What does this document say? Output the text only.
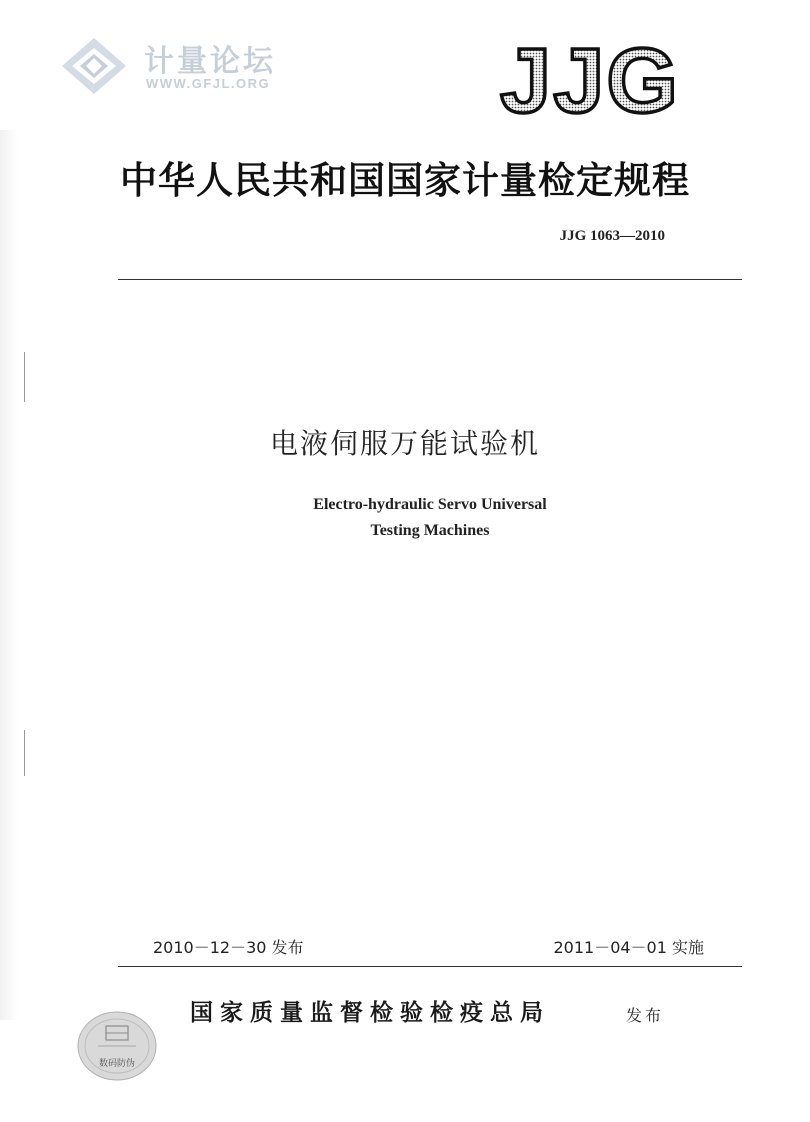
计量论坛
WWW.GFJL.ORG JJG
中华人民共和国国家计量检定规程
JJG 1063—2010
电液伺服万能试验机
Electro-hydraulic Servo Universal
Testing Machines
2010－12－30 发布	2011－04－01 实施
国家质量监督检验检疫总局	发布
数码防伪
